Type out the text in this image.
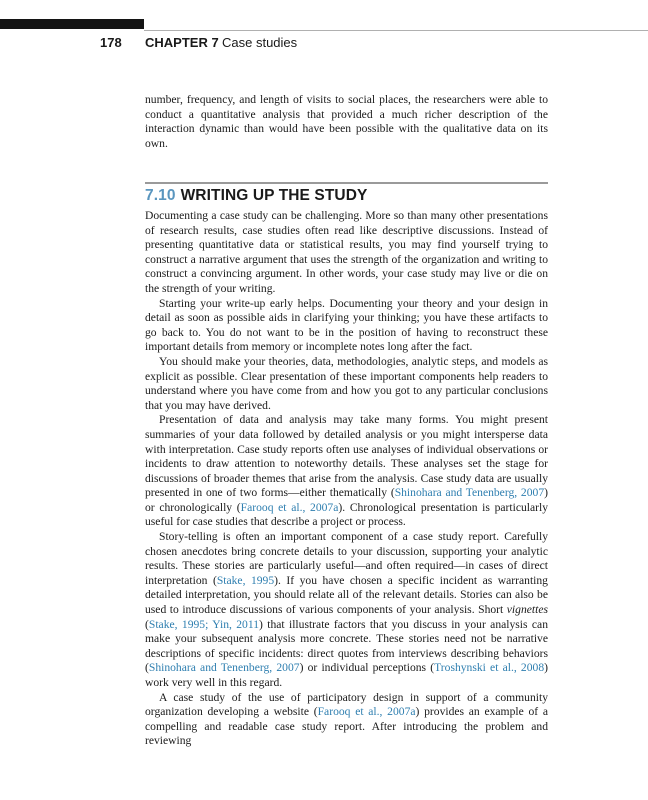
178 CHAPTER 7 Case studies

number, frequency, and length of visits to social places, the researchers were able to conduct a quantitative analysis that provided a much richer description of the interaction dynamic than would have been possible with the qualitative data on its own.

7.10 WRITING UP THE STUDY

Documenting a case study can be challenging. More so than many other presentations of research results, case studies often read like descriptive discussions. Instead of presenting quantitative data or statistical results, you may find yourself trying to construct a narrative argument that uses the strength of the organization and writing to construct a convincing argument. In other words, your case study may live or die on the strength of your writing.

Starting your write-up early helps. Documenting your theory and your design in detail as soon as possible aids in clarifying your thinking; you have these artifacts to go back to. You do not want to be in the position of having to reconstruct these important details from memory or incomplete notes long after the fact.

You should make your theories, data, methodologies, analytic steps, and models as explicit as possible. Clear presentation of these important components help readers to understand where you have come from and how you got to any particular conclusions that you may have derived.

Presentation of data and analysis may take many forms. You might present summaries of your data followed by detailed analysis or you might intersperse data with interpretation. Case study reports often use analyses of individual observations or incidents to draw attention to noteworthy details. These analyses set the stage for discussions of broader themes that arise from the analysis. Case study data are usually presented in one of two forms—either thematically (Shinohara and Tenenberg, 2007) or chronologically (Farooq et al., 2007a). Chronological presentation is particularly useful for case studies that describe a project or process.

Story-telling is often an important component of a case study report. Carefully chosen anecdotes bring concrete details to your discussion, supporting your analytic results. These stories are particularly useful—and often required—in cases of direct interpretation (Stake, 1995). If you have chosen a specific incident as warranting detailed interpretation, you should relate all of the relevant details. Stories can also be used to introduce discussions of various components of your analysis. Short vignettes (Stake, 1995; Yin, 2011) that illustrate factors that you discuss in your analysis can make your subsequent analysis more concrete. These stories need not be narrative descriptions of specific incidents: direct quotes from interviews describing behaviors (Shinohara and Tenenberg, 2007) or individual perceptions (Troshynski et al., 2008) work very well in this regard.

A case study of the use of participatory design in support of a community organization developing a website (Farooq et al., 2007a) provides an example of a compelling and readable case study report. After introducing the problem and reviewing
